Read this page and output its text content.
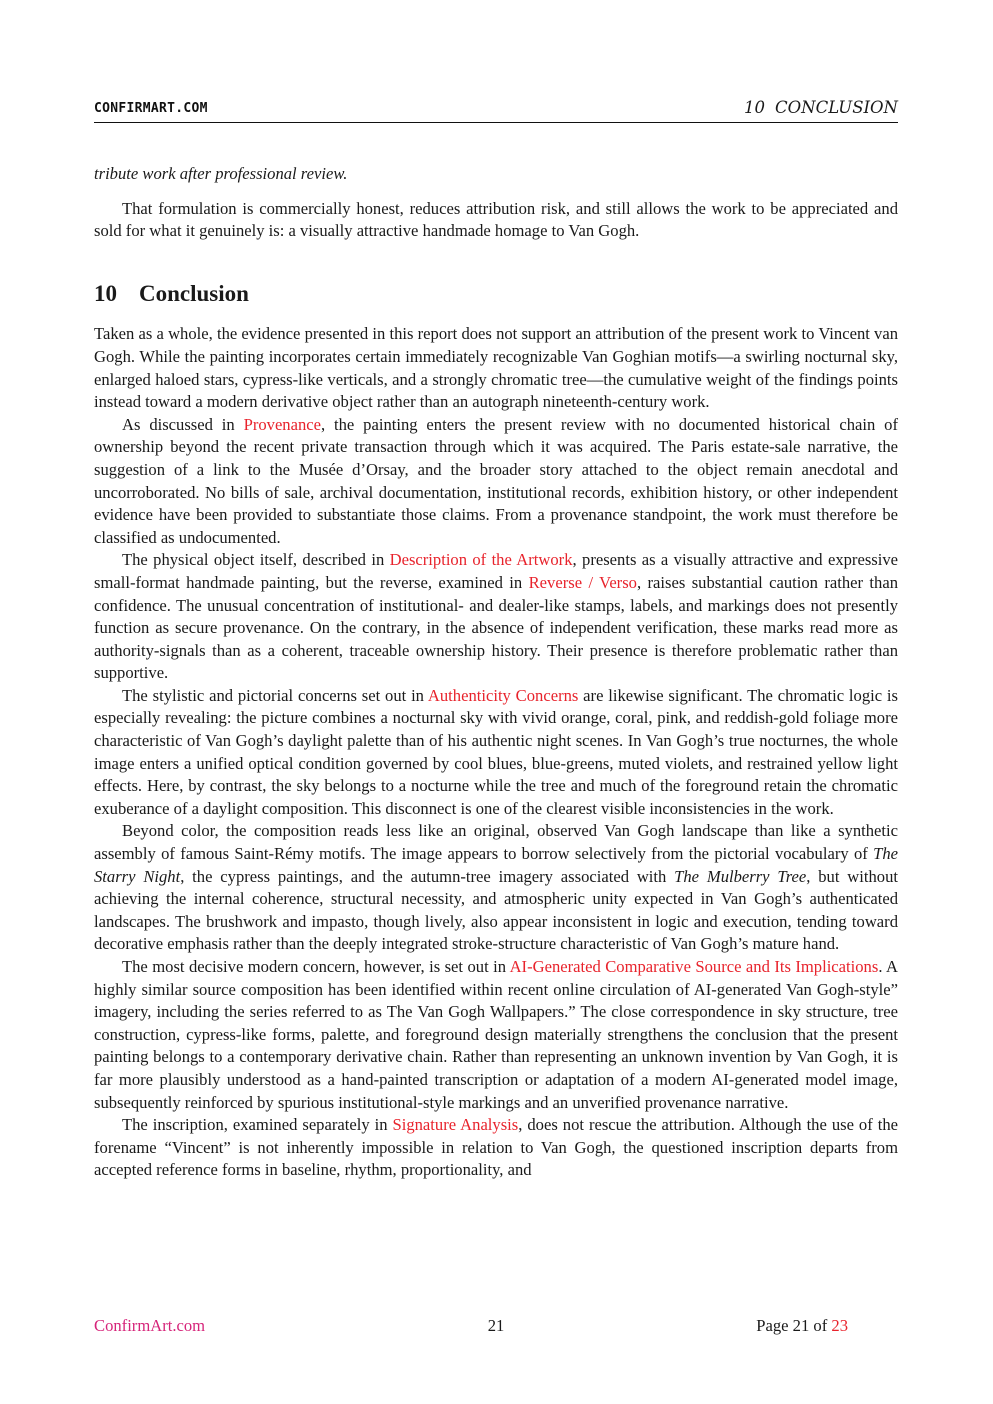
CONFIRMART.COM	10 CONCLUSION

tribute work after professional review.

That formulation is commercially honest, reduces attribution risk, and still allows the work to be appreciated and sold for what it genuinely is: a visually attractive handmade homage to Van Gogh.

10 Conclusion

Taken as a whole, the evidence presented in this report does not support an attribution of the present work to Vincent van Gogh. While the painting incorporates certain immediately recognizable Van Goghian motifs—a swirling nocturnal sky, enlarged haloed stars, cypress-like verticals, and a strongly chromatic tree—the cumulative weight of the findings points instead toward a modern derivative object rather than an autograph nineteenth-century work.

As discussed in Provenance, the painting enters the present review with no documented historical chain of ownership beyond the recent private transaction through which it was acquired. The Paris estate-sale narrative, the suggestion of a link to the Musée d’Orsay, and the broader story attached to the object remain anecdotal and uncorroborated. No bills of sale, archival documentation, institutional records, exhibition history, or other independent evidence have been provided to substantiate those claims. From a provenance standpoint, the work must therefore be classified as undocumented.

The physical object itself, described in Description of the Artwork, presents as a visually attractive and expressive small-format handmade painting, but the reverse, examined in Reverse / Verso, raises substantial caution rather than confidence. The unusual concentration of institutional- and dealer-like stamps, labels, and markings does not presently function as secure provenance. On the contrary, in the absence of independent verification, these marks read more as authority-signals than as a coherent, traceable ownership history. Their presence is therefore problematic rather than supportive.

The stylistic and pictorial concerns set out in Authenticity Concerns are likewise significant. The chromatic logic is especially revealing: the picture combines a nocturnal sky with vivid orange, coral, pink, and reddish-gold foliage more characteristic of Van Gogh’s daylight palette than of his authentic night scenes. In Van Gogh’s true nocturnes, the whole image enters a unified optical condition governed by cool blues, blue-greens, muted violets, and restrained yellow light effects. Here, by contrast, the sky belongs to a nocturne while the tree and much of the foreground retain the chromatic exuberance of a daylight composition. This disconnect is one of the clearest visible inconsistencies in the work.

Beyond color, the composition reads less like an original, observed Van Gogh landscape than like a synthetic assembly of famous Saint-Rémy motifs. The image appears to borrow selectively from the pictorial vocabulary of The Starry Night, the cypress paintings, and the autumn-tree imagery associated with The Mulberry Tree, but without achieving the internal coherence, structural necessity, and atmospheric unity expected in Van Gogh’s authenticated landscapes. The brushwork and impasto, though lively, also appear inconsistent in logic and execution, tending toward decorative emphasis rather than the deeply integrated stroke-structure characteristic of Van Gogh’s mature hand.

The most decisive modern concern, however, is set out in AI-Generated Comparative Source and Its Implications. A highly similar source composition has been identified within recent online circulation of AI-generated Van Gogh-style” imagery, including the series referred to as The Van Gogh Wallpapers.” The close correspondence in sky structure, tree construction, cypress-like forms, palette, and foreground design materially strengthens the conclusion that the present painting belongs to a contemporary derivative chain. Rather than representing an unknown invention by Van Gogh, it is far more plausibly understood as a hand-painted transcription or adaptation of a modern AI-generated model image, subsequently reinforced by spurious institutional-style markings and an unverified provenance narrative.

The inscription, examined separately in Signature Analysis, does not rescue the attribution. Although the use of the forename “Vincent” is not inherently impossible in relation to Van Gogh, the questioned inscription departs from accepted reference forms in baseline, rhythm, proportionality, and

ConfirmArt.com	21	Page 21 of 23
